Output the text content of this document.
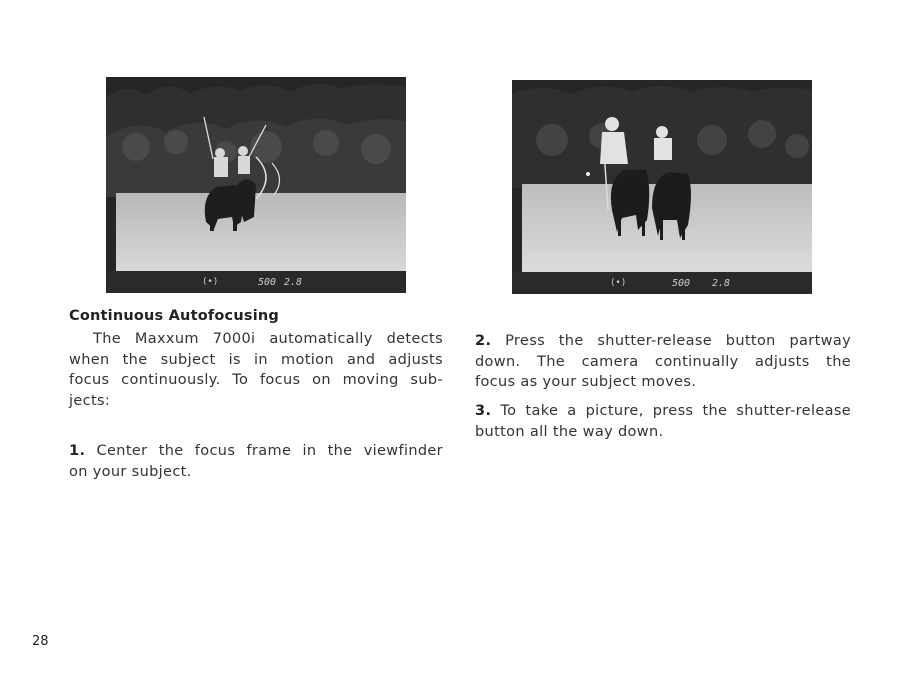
(•)	500 2.8	(•)	500 2.8
Continuous Autofocusing

The Maxxum 7000i automatically detects

when the subject is in motion and adjusts

focus continuously. To focus on moving sub-

jects:

1. Center the focus frame in the viewfinder

on your subject.

2. Press the shutter-release button partway

down. The camera continually adjusts the

focus as your subject moves.

3. To take a picture, press the shutter-release

button all the way down.

28
